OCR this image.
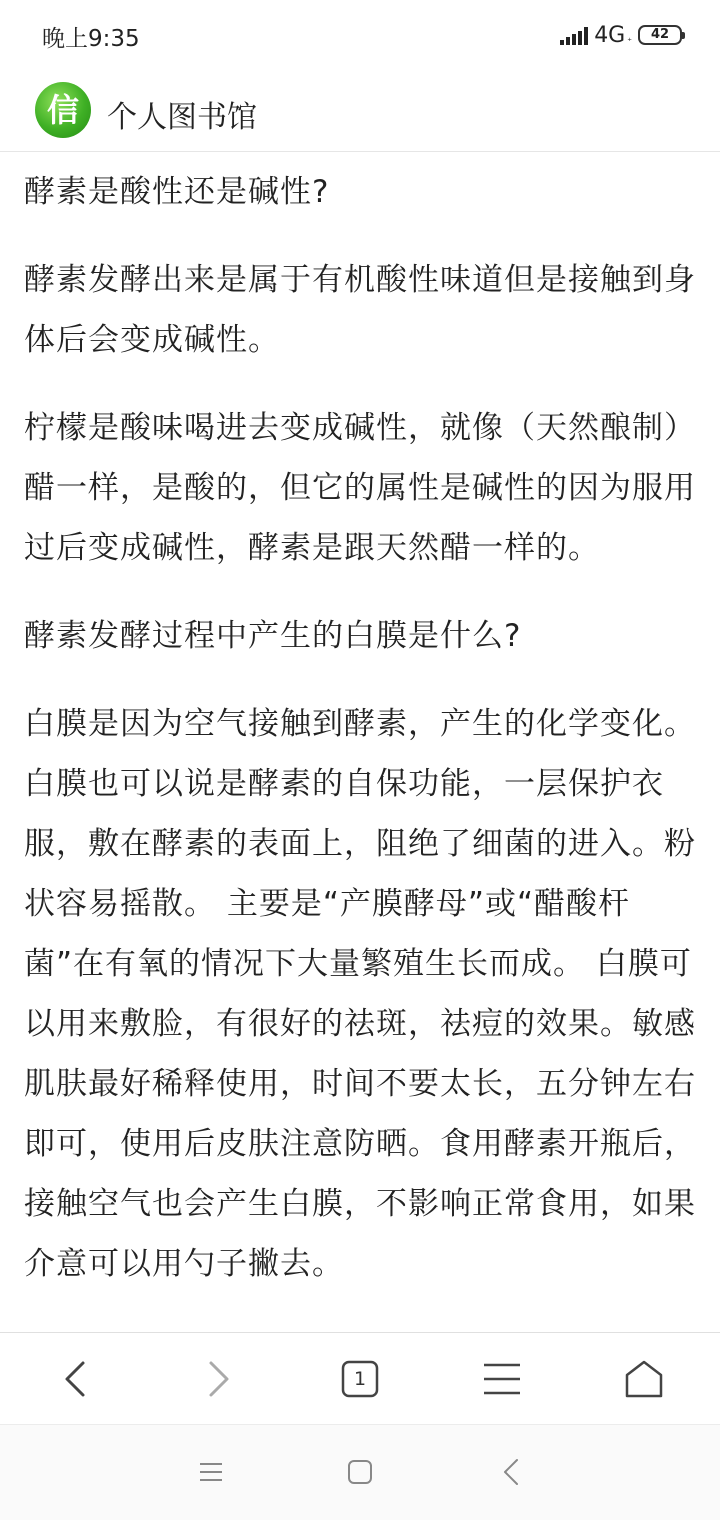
晚上9:35	4G ⁺	42
信 个人图书馆

酵素是酸性还是碱性?

酵素发酵出来是属于有机酸性味道但是接触到身体后会变成碱性。

柠檬是酸味喝进去变成碱性，就像（天然酿制）醋一样，是酸的，但它的属性是碱性的因为服用过后变成碱性，酵素是跟天然醋一样的。

酵素发酵过程中产生的白膜是什么?

白膜是因为空气接触到酵素，产生的化学变化。白膜也可以说是酵素的自保功能，一层保护衣服，敷在酵素的表面上，阻绝了细菌的进入。粉状容易摇散。 主要是“产膜酵母”或“醋酸杆菌”在有氧的情况下大量繁殖生长而成。 白膜可以用来敷脸，有很好的祛斑，祛痘的效果。敏感肌肤最好稀释使用，时间不要太长，五分钟左右即可，使用后皮肤注意防晒。食用酵素开瓶后，接触空气也会产生白膜，不影响正常食用，如果介意可以用勺子撇去。

1
